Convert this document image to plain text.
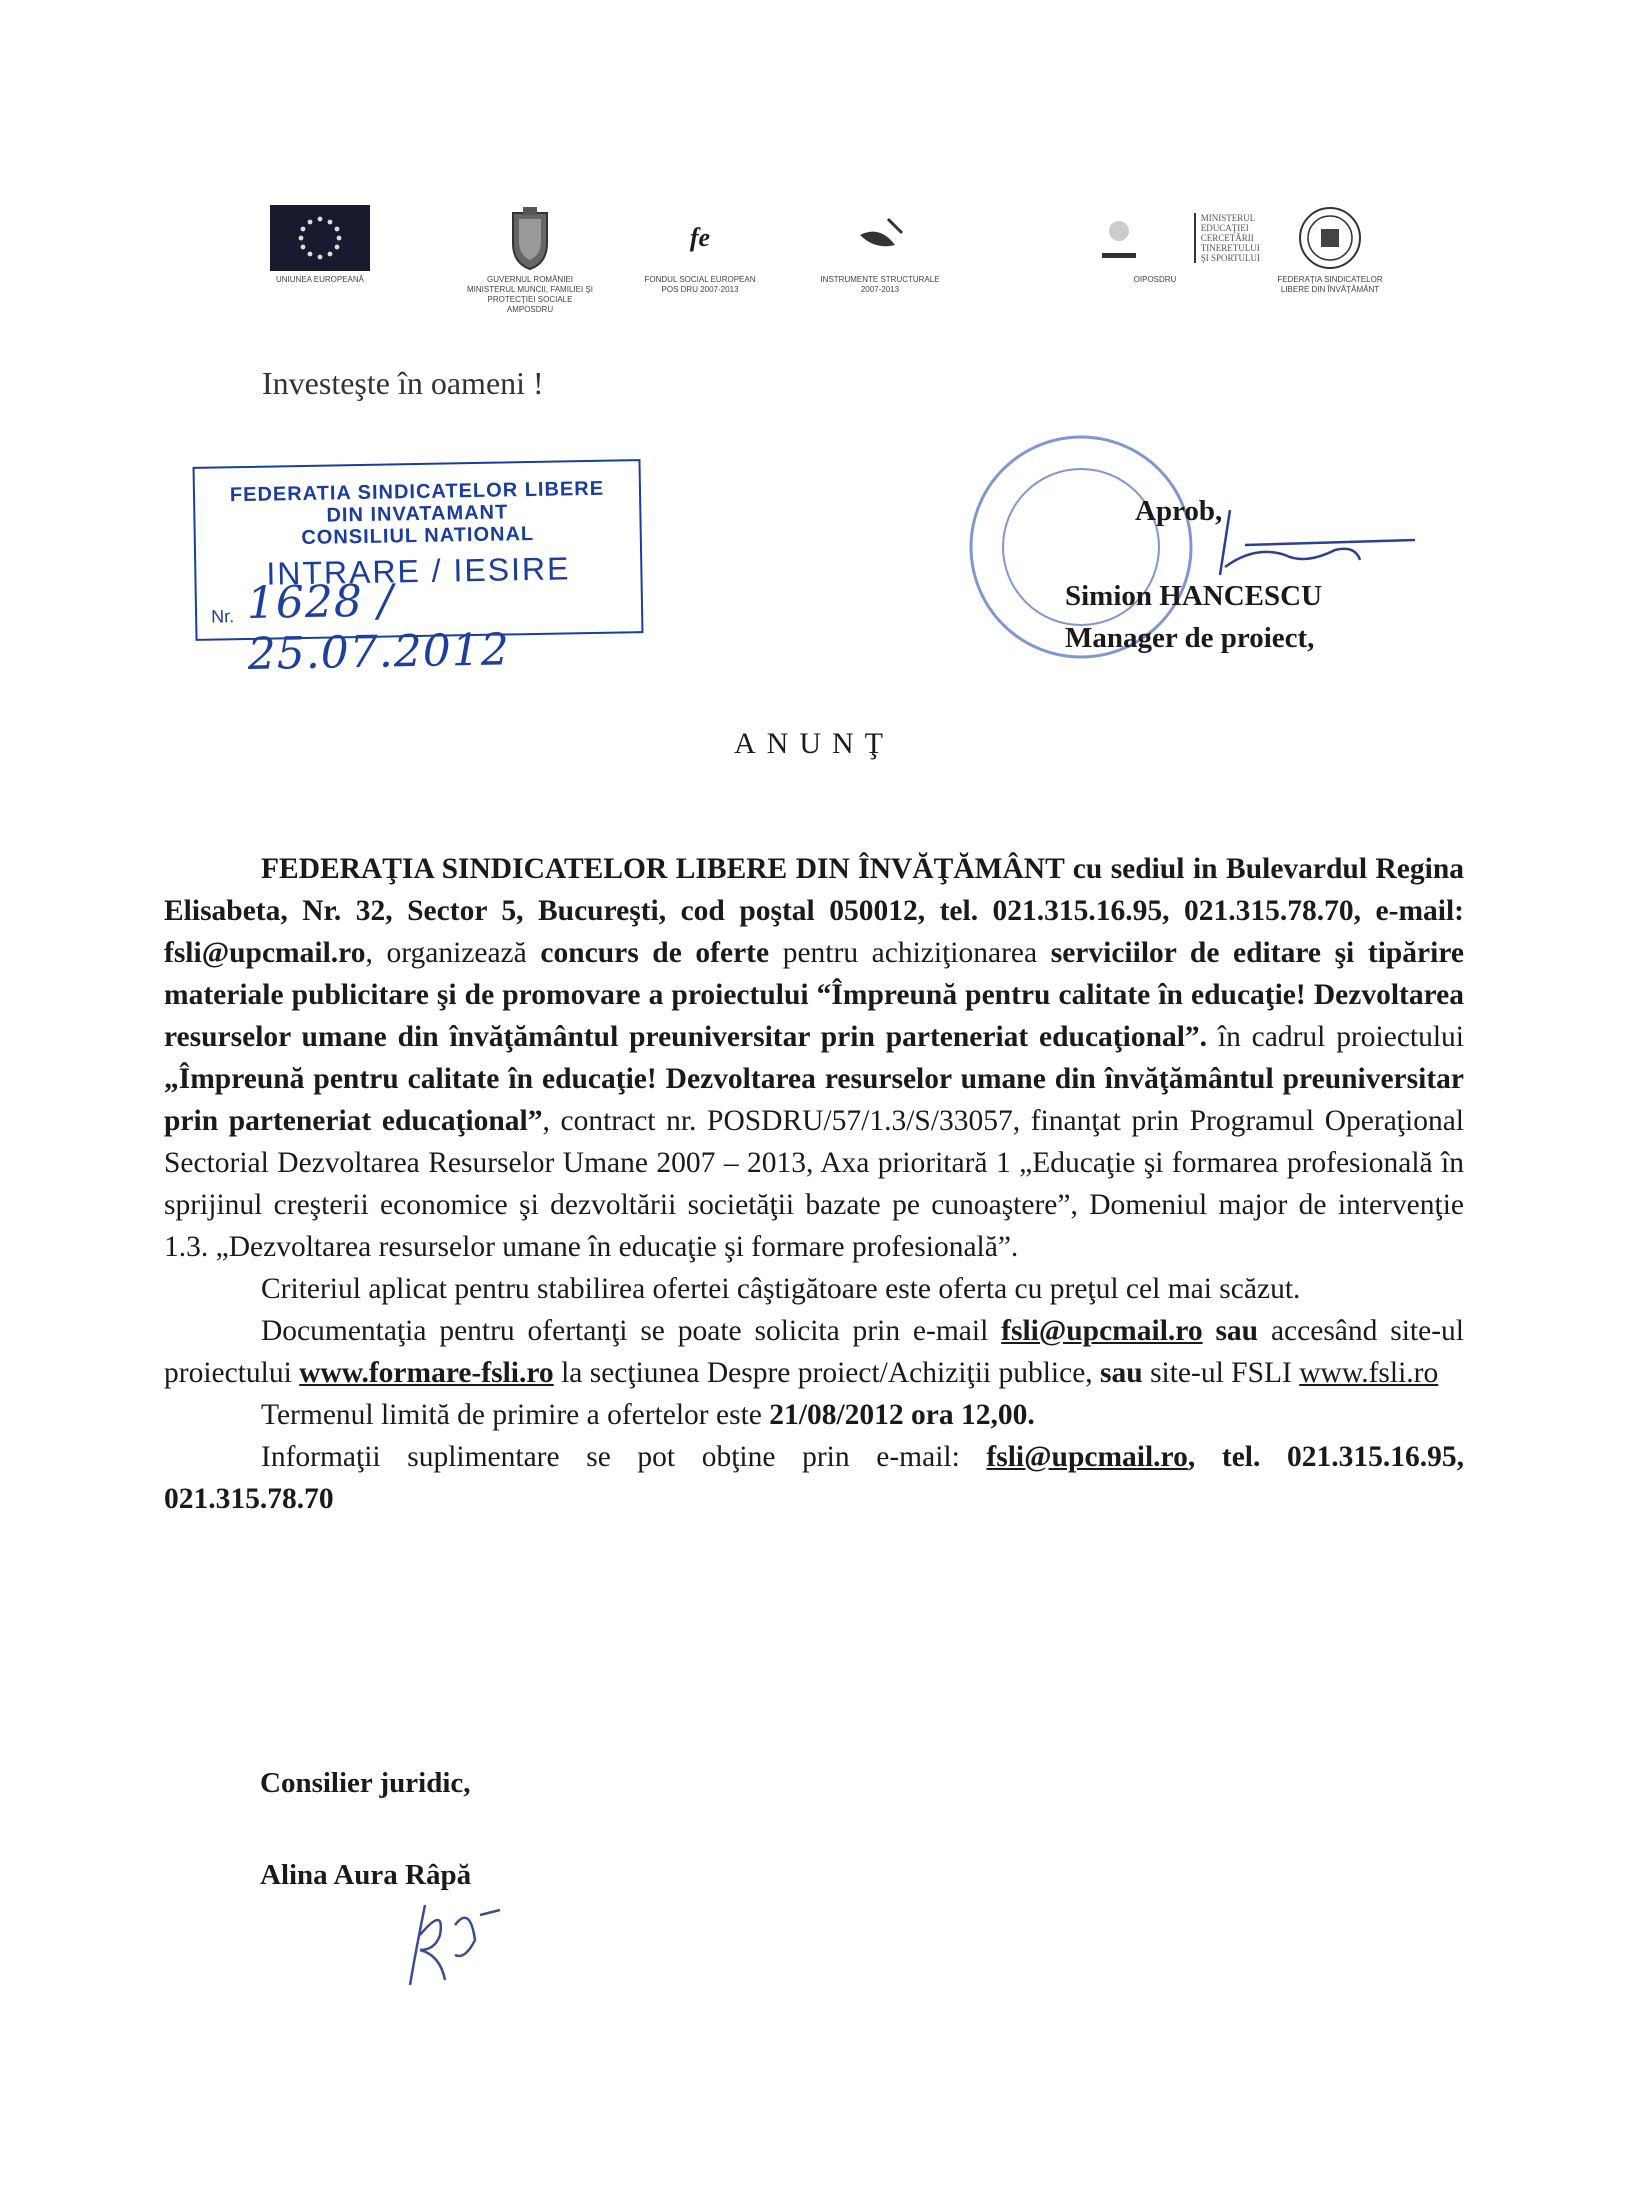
UNIUNEA EUROPEANĂ	GUVERNUL ROMÂNIEI
MINISTERUL MUNCII, FAMILIEI ŞI
PROTECŢIEI SOCIALE
AMPOSDRU
fe
FONDUL SOCIAL EUROPEAN
POS DRU 2007-2013
INSTRUMENTE STRUCTURALE
2007-2013
MINISTERUL
EDUCAŢIEI
CERCETĂRII
TINERETULUI
ŞI SPORTULUI
OIPOSDRU	FEDERAŢIA SINDICATELOR
LIBERE DIN ÎNVĂŢĂMÂNT
Investeşte în oameni !
FEDERATIA SINDICATELOR LIBERE
DIN INVATAMANT
CONSILIUL NATIONAL
INTRARE / IESIRE
Nr. 1628 / 25.07.2012
Aprob,
Simion HANCESCU
Manager de proiect,
ANUNŢ

FEDERAŢIA SINDICATELOR LIBERE DIN ÎNVĂŢĂMÂNT cu sediul in Bulevardul Regina Elisabeta, Nr. 32, Sector 5, Bucureşti, cod poştal 050012, tel. 021.315.16.95, 021.315.78.70, e-mail: fsli@upcmail.ro, organizează concurs de oferte pentru achiziţionarea serviciilor de editare şi tipărire materiale publicitare şi de promovare a proiectului “Împreună pentru calitate în educaţie! Dezvoltarea resurselor umane din învăţământul preuniversitar prin parteneriat educaţional”. în cadrul proiectului „Împreună pentru calitate în educaţie! Dezvoltarea resurselor umane din învăţământul preuniversitar prin parteneriat educaţional”, contract nr. POSDRU/57/1.3/S/33057, finanţat prin Programul Operaţional Sectorial Dezvoltarea Resurselor Umane 2007 – 2013, Axa prioritară 1 „Educaţie şi formarea profesională în sprijinul creşterii economice şi dezvoltării societăţii bazate pe cunoaştere”, Domeniul major de intervenţie 1.3. „Dezvoltarea resurselor umane în educaţie şi formare profesională”.

Criteriul aplicat pentru stabilirea ofertei câştigătoare este oferta cu preţul cel mai scăzut.

Documentaţia pentru ofertanţi se poate solicita prin e-mail fsli@upcmail.ro sau accesând site-ul proiectului www.formare-fsli.ro la secţiunea Despre proiect/Achiziţii publice, sau site-ul FSLI www.fsli.ro

Termenul limită de primire a ofertelor este 21/08/2012 ora 12,00.

Informaţii suplimentare se pot obţine prin e-mail: fsli@upcmail.ro, tel. 021.315.16.95, 021.315.78.70

Consilier juridic,
Alina Aura Râpă
